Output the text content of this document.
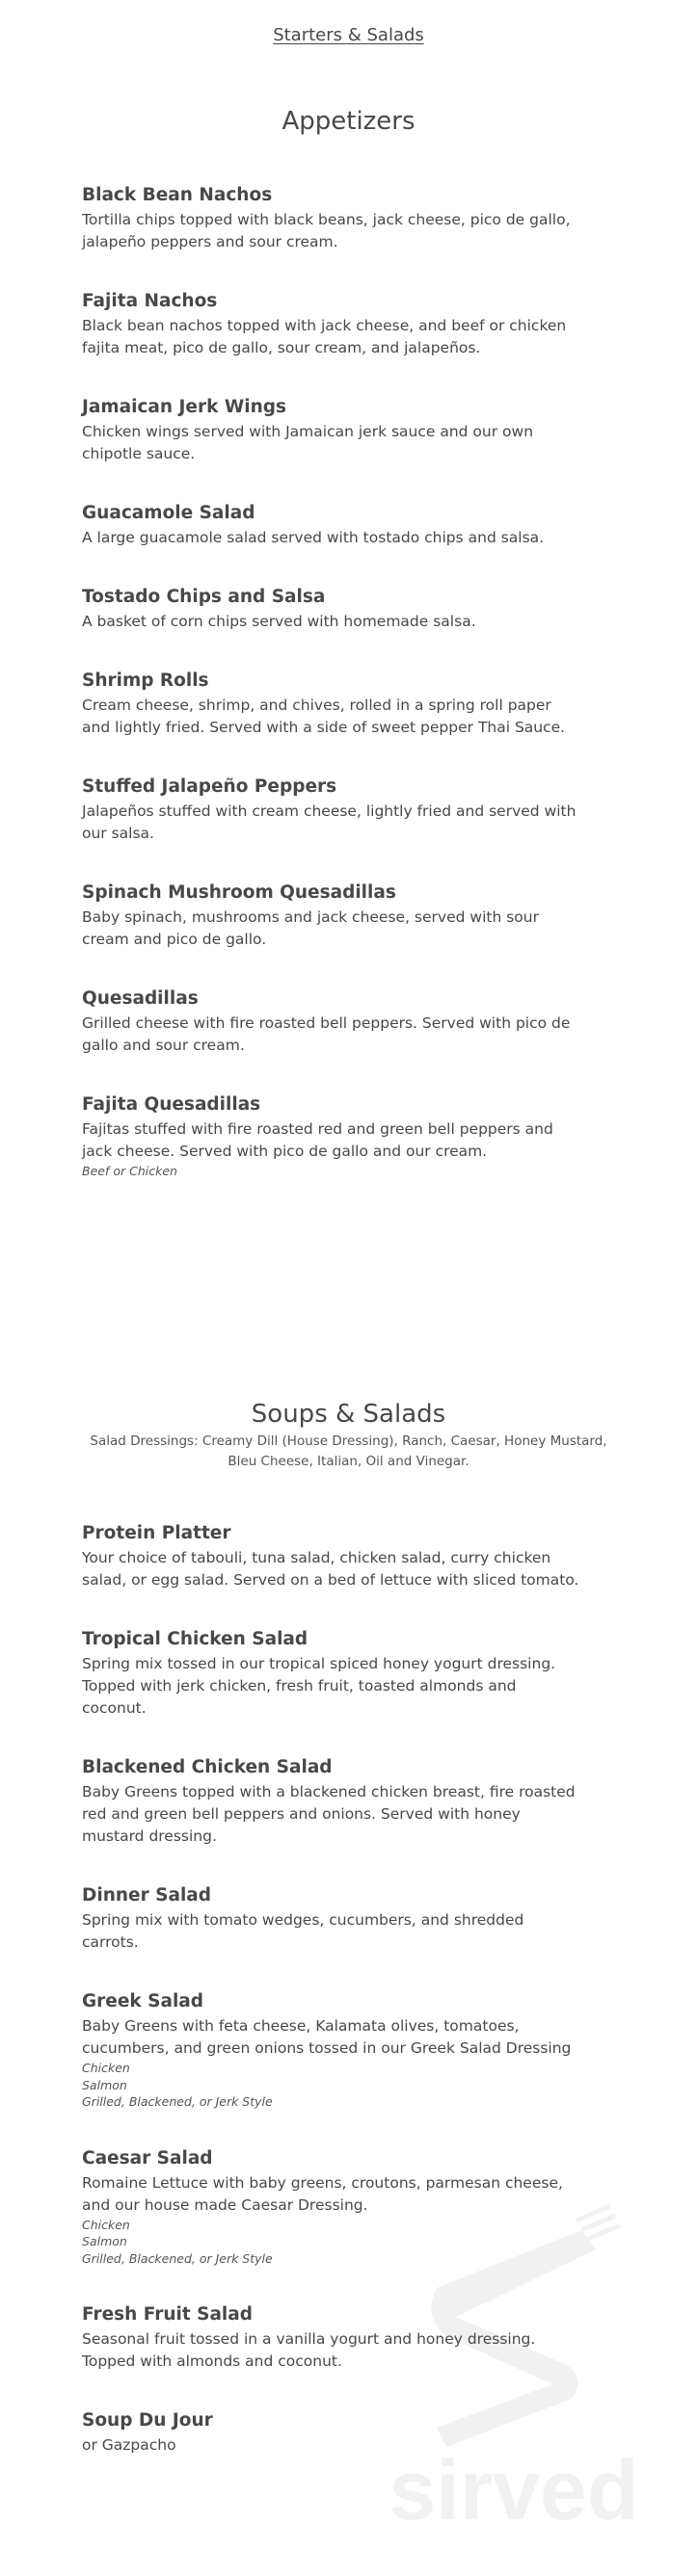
sirved
Starters & Salads
Appetizers
Black Bean Nachos

Tortilla chips topped with black beans, jack cheese, pico de gallo, jalapeño peppers and sour cream.

Fajita Nachos

Black bean nachos topped with jack cheese, and beef or chicken fajita meat, pico de gallo, sour cream, and jalapeños.

Jamaican Jerk Wings

Chicken wings served with Jamaican jerk sauce and our own chipotle sauce.

Guacamole Salad

A large guacamole salad served with tostado chips and salsa.

Tostado Chips and Salsa

A basket of corn chips served with homemade salsa.

Shrimp Rolls

Cream cheese, shrimp, and chives, rolled in a spring roll paper and lightly fried. Served with a side of sweet pepper Thai Sauce.

Stuffed Jalapeño Peppers

Jalapeños stuffed with cream cheese, lightly fried and served with our salsa.

Spinach Mushroom Quesadillas

Baby spinach, mushrooms and jack cheese, served with sour cream and pico de gallo.

Quesadillas

Grilled cheese with fire roasted bell peppers. Served with pico de gallo and sour cream.

Fajita Quesadillas

Fajitas stuffed with fire roasted red and green bell peppers and jack cheese. Served with pico de gallo and our cream.

Beef or Chicken
Soups & Salads
Salad Dressings: Creamy Dill (House Dressing), Ranch, Caesar, Honey Mustard, Bleu Cheese, Italian, Oil and Vinegar.
Protein Platter

Your choice of tabouli, tuna salad, chicken salad, curry chicken salad, or egg salad. Served on a bed of lettuce with sliced tomato.

Tropical Chicken Salad

Spring mix tossed in our tropical spiced honey yogurt dressing. Topped with jerk chicken, fresh fruit, toasted almonds and coconut.

Blackened Chicken Salad

Baby Greens topped with a blackened chicken breast, fire roasted red and green bell peppers and onions. Served with honey mustard dressing.

Dinner Salad

Spring mix with tomato wedges, cucumbers, and shredded carrots.

Greek Salad

Baby Greens with feta cheese, Kalamata olives, tomatoes, cucumbers, and green onions tossed in our Greek Salad Dressing

Chicken
Salmon
Grilled, Blackened, or Jerk Style
Caesar Salad

Romaine Lettuce with baby greens, croutons, parmesan cheese, and our house made Caesar Dressing.

Chicken
Salmon
Grilled, Blackened, or Jerk Style
Fresh Fruit Salad

Seasonal fruit tossed in a vanilla yogurt and honey dressing. Topped with almonds and coconut.

Soup Du Jour

or Gazpacho
